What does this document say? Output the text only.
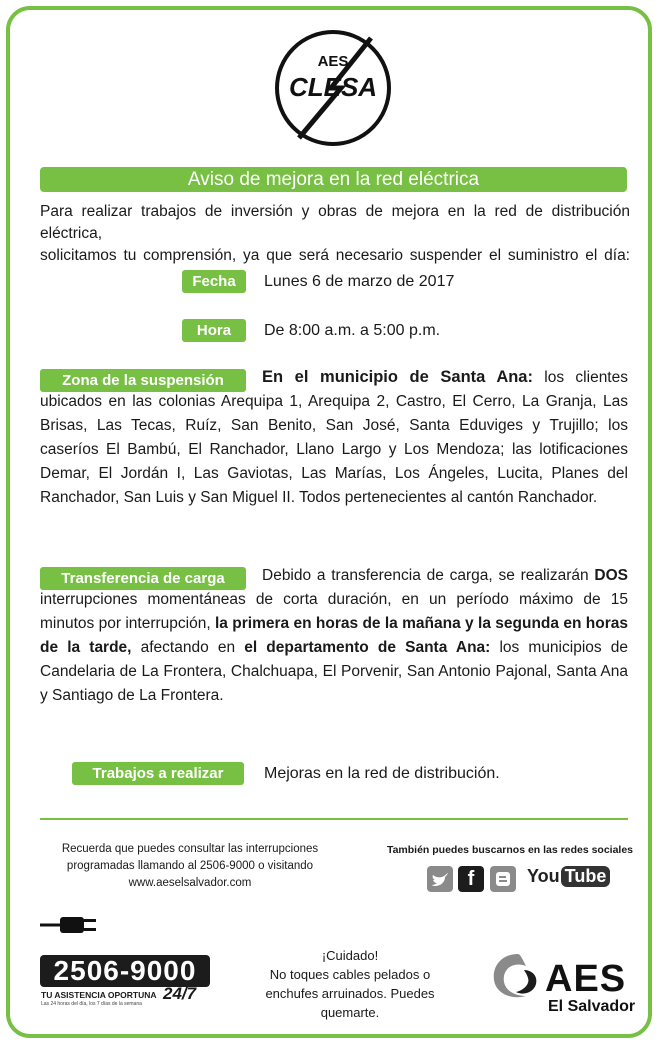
AES
CLESA
Aviso de mejora en la red eléctrica
Para realizar trabajos de inversión y obras de mejora en la red de distribución eléctrica,
solicitamos tu comprensión, ya que será necesario suspender el suministro el día:
Fecha	Lunes 6 de marzo de 2017
Hora	De 8:00 a.m. a 5:00 p.m.
Zona de la suspensión	En el municipio de Santa Ana: los clientes ubicados en las colonias Arequipa 1, Arequipa 2, Castro, El Cerro, La Granja, Las Brisas, Las Tecas, Ruíz, San Benito, San José, Santa Eduviges y Trujillo; los caseríos El Bambú, El Ranchador, Llano Largo y Los Mendoza; las lotificaciones Demar, El Jordán I, Las Gaviotas, Las Marías, Los Ángeles, Lucita, Planes del Ranchador, San Luis y San Miguel II. Todos pertenecientes al cantón Ranchador.
Transferencia de carga	Debido a transferencia de carga, se realizarán DOS interrupciones momentáneas de corta duración, en un período máximo de 15 minutos por interrupción, la primera en horas de la mañana y la segunda en horas de la tarde, afectando en el departamento de Santa Ana: los municipios de Candelaria de La Frontera, Chalchuapa, El Porvenir, San Antonio Pajonal, Santa Ana y Santiago de La Frontera.
Trabajos a realizar	Mejoras en la red de distribución.
Recuerda que puedes consultar las interrupciones
programadas llamando al 2506-9000 o visitando
www.aeselsalvador.com
También puedes buscarnos en las redes sociales
f	You Tube
2506-9000
TU ASISTENCIA OPORTUNA 24/7
Las 24 horas del día, los 7 días de la semana
¡Cuidado!
No toques cables pelados o
enchufes arruinados. Puedes
quemarte.
AES
El Salvador
